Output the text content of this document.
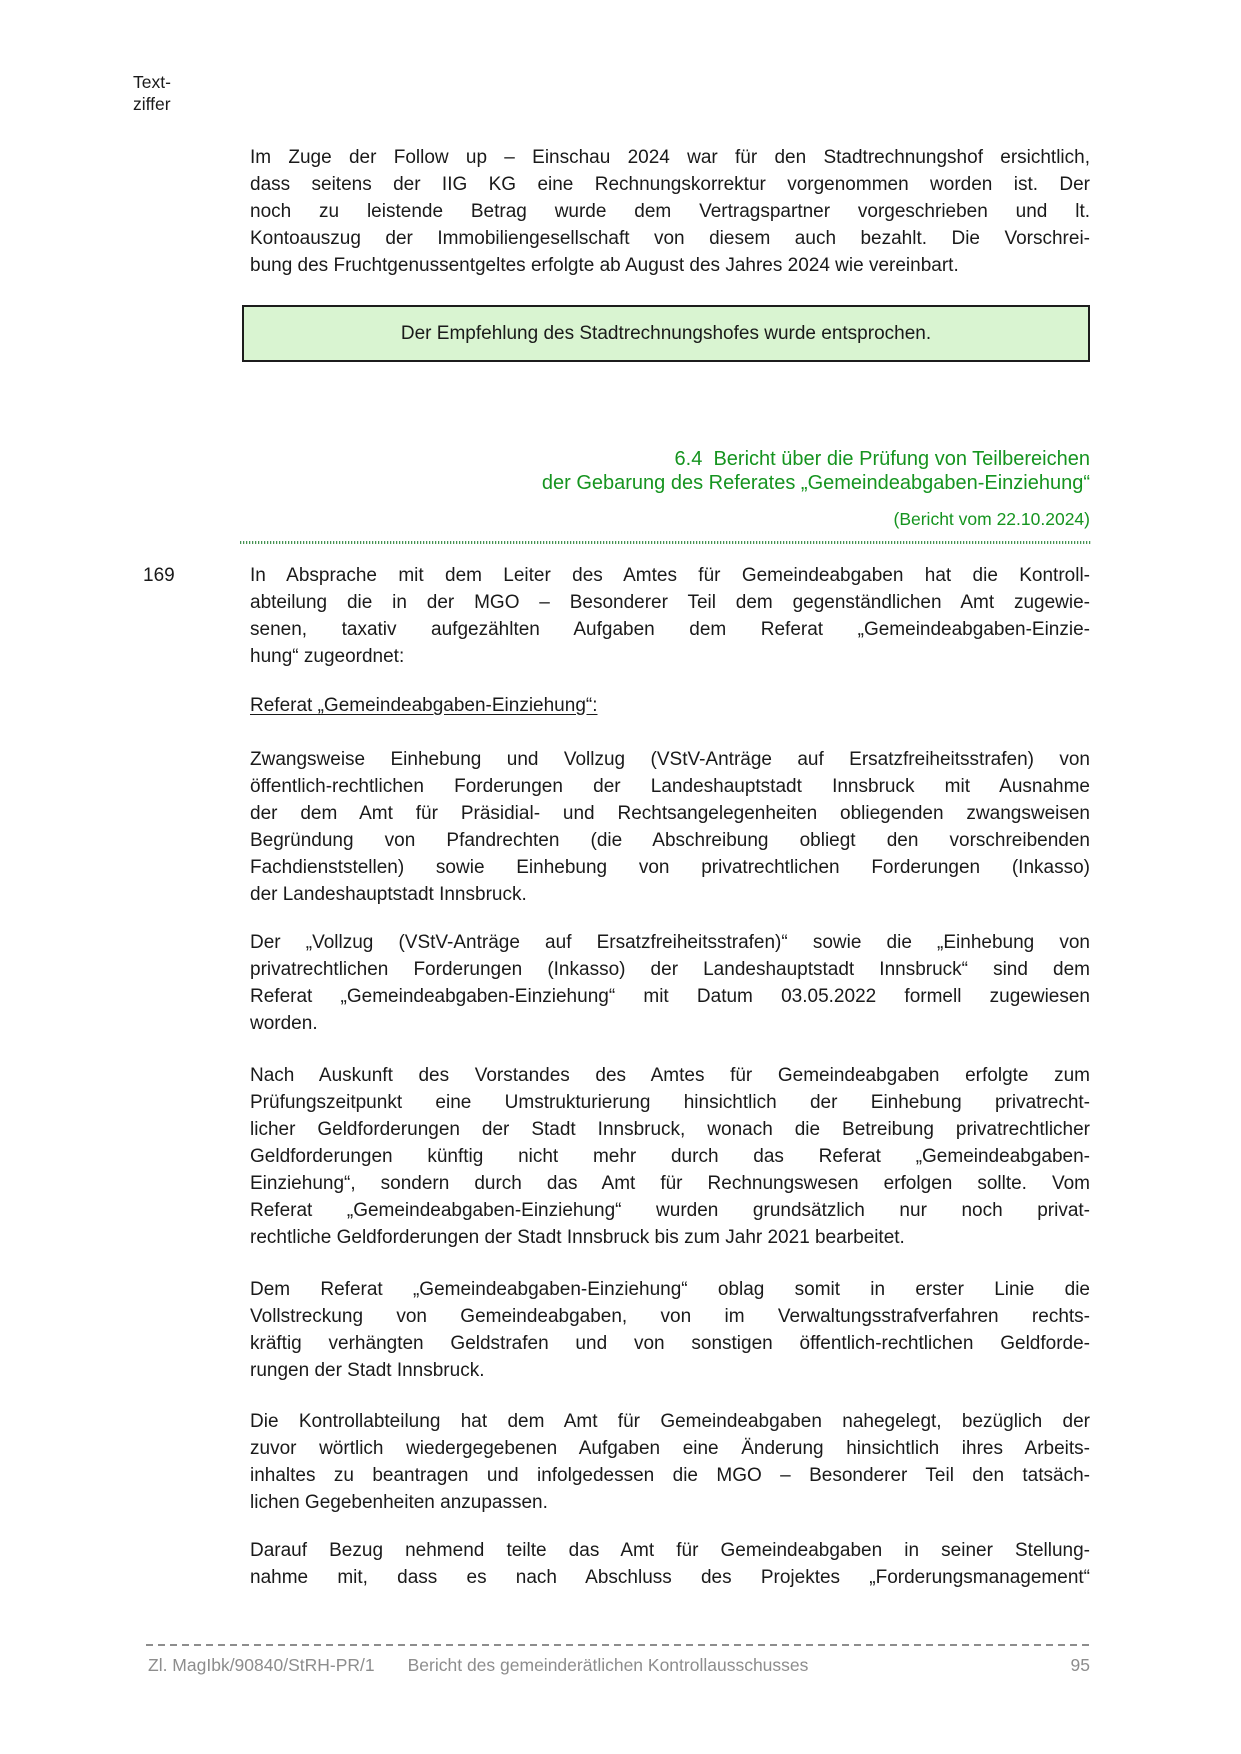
Text-
ziffer
Im Zuge der Follow up – Einschau 2024 war für den Stadtrechnungshof ersichtlich,
dass seitens der IIG KG eine Rechnungskorrektur vorgenommen worden ist. Der
noch zu leistende Betrag wurde dem Vertragspartner vorgeschrieben und lt.
Kontoauszug der Immobiliengesellschaft von diesem auch bezahlt. Die Vorschrei-
bung des Fruchtgenussentgeltes erfolgte ab August des Jahres 2024 wie vereinbart.
Der Empfehlung des Stadtrechnungshofes wurde entsprochen.
6.4  Bericht über die Prüfung von Teilbereichen
der Gebarung des Referates „Gemeindeabgaben-Einziehung“
(Bericht vom 22.10.2024)
169	In Absprache mit dem Leiter des Amtes für Gemeindeabgaben hat die Kontroll-
abteilung die in der MGO – Besonderer Teil dem gegenständlichen Amt zugewie-
senen, taxativ aufgezählten Aufgaben dem Referat „Gemeindeabgaben-Einzie-
hung“ zugeordnet:
Referat „Gemeindeabgaben-Einziehung“:
Zwangsweise Einhebung und Vollzug (VStV-Anträge auf Ersatzfreiheitsstrafen) von
öffentlich-rechtlichen Forderungen der Landeshauptstadt Innsbruck mit Ausnahme
der dem Amt für Präsidial- und Rechtsangelegenheiten obliegenden zwangsweisen
Begründung von Pfandrechten (die Abschreibung obliegt den vorschreibenden
Fachdienststellen) sowie Einhebung von privatrechtlichen Forderungen (Inkasso)
der Landeshauptstadt Innsbruck.
Der „Vollzug (VStV-Anträge auf Ersatzfreiheitsstrafen)“ sowie die „Einhebung von
privatrechtlichen Forderungen (Inkasso) der Landeshauptstadt Innsbruck“ sind dem
Referat „Gemeindeabgaben-Einziehung“ mit Datum 03.05.2022 formell zugewiesen
worden.
Nach Auskunft des Vorstandes des Amtes für Gemeindeabgaben erfolgte zum
Prüfungszeitpunkt eine Umstrukturierung hinsichtlich der Einhebung privatrecht-
licher Geldforderungen der Stadt Innsbruck, wonach die Betreibung privatrechtlicher
Geldforderungen künftig nicht mehr durch das Referat „Gemeindeabgaben-
Einziehung“, sondern durch das Amt für Rechnungswesen erfolgen sollte. Vom
Referat „Gemeindeabgaben-Einziehung“ wurden grundsätzlich nur noch privat-
rechtliche Geldforderungen der Stadt Innsbruck bis zum Jahr 2021 bearbeitet.
Dem Referat „Gemeindeabgaben-Einziehung“ oblag somit in erster Linie die
Vollstreckung von Gemeindeabgaben, von im Verwaltungsstrafverfahren rechts-
kräftig verhängten Geldstrafen und von sonstigen öffentlich-rechtlichen Geldforde-
rungen der Stadt Innsbruck.
Die Kontrollabteilung hat dem Amt für Gemeindeabgaben nahegelegt, bezüglich der
zuvor wörtlich wiedergegebenen Aufgaben eine Änderung hinsichtlich ihres Arbeits-
inhaltes zu beantragen und infolgedessen die MGO – Besonderer Teil den tatsäch-
lichen Gegebenheiten anzupassen.
Darauf Bezug nehmend teilte das Amt für Gemeindeabgaben in seiner Stellung-
nahme mit, dass es nach Abschluss des Projektes „Forderungsmanagement“
Zl. MagIbk/90840/StRH-PR/1 Bericht des gemeinderätlichen Kontrollausschusses	95
